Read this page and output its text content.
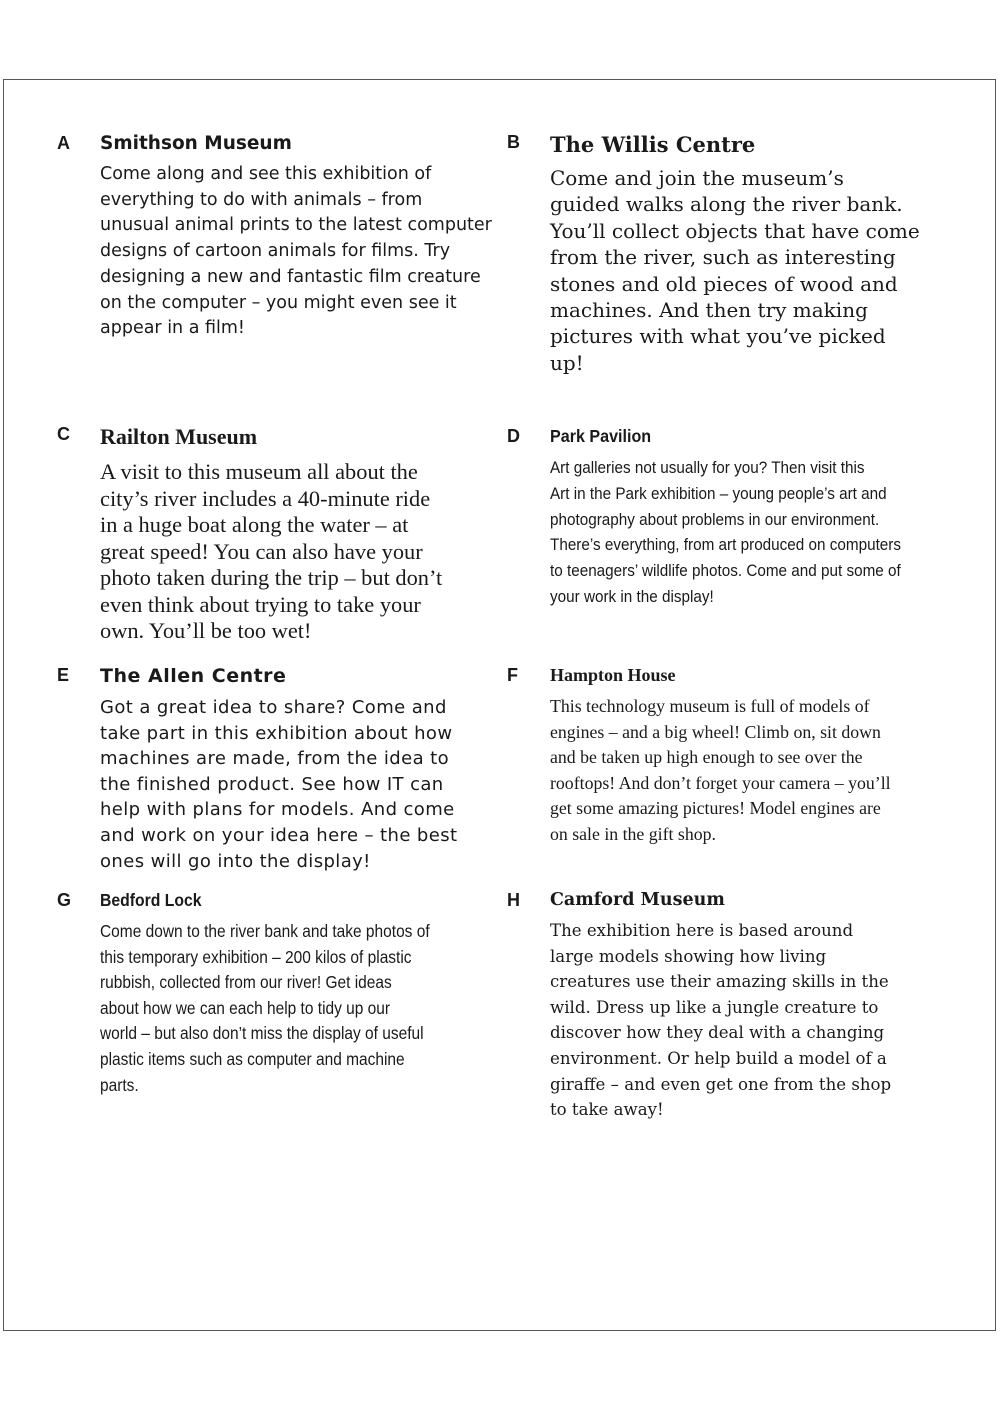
A Smithson Museum
Come along and see this exhibition of
everything to do with animals – from
unusual animal prints to the latest computer
designs of cartoon animals for films. Try
designing a new and fantastic film creature
on the computer – you might even see it
appear in a film!
B The Willis Centre
Come and join the museum’s
guided walks along the river bank.
You’ll collect objects that have come
from the river, such as interesting
stones and old pieces of wood and
machines. And then try making
pictures with what you’ve picked
up!
C Railton Museum
A visit to this museum all about the
city’s river includes a 40-minute ride
in a huge boat along the water – at
great speed! You can also have your
photo taken during the trip – but don’t
even think about trying to take your
own. You’ll be too wet!
D Park Pavilion
Art galleries not usually for you? Then visit this
Art in the Park exhibition – young people’s art and
photography about problems in our environment.
There’s everything, from art produced on computers
to teenagers’ wildlife photos. Come and put some of
your work in the display!
E The Allen Centre
Got a great idea to share? Come and
take part in this exhibition about how
machines are made, from the idea to
the finished product. See how IT can
help with plans for models. And come
and work on your idea here – the best
ones will go into the display!
F Hampton House
This technology museum is full of models of
engines – and a big wheel! Climb on, sit down
and be taken up high enough to see over the
rooftops! And don’t forget your camera – you’ll
get some amazing pictures! Model engines are
on sale in the gift shop.
G Bedford Lock
Come down to the river bank and take photos of
this temporary exhibition – 200 kilos of plastic
rubbish, collected from our river! Get ideas
about how we can each help to tidy up our
world – but also don’t miss the display of useful
plastic items such as computer and machine
parts.
H Camford Museum
The exhibition here is based around
large models showing how living
creatures use their amazing skills in the
wild. Dress up like a jungle creature to
discover how they deal with a changing
environment. Or help build a model of a
giraffe – and even get one from the shop
to take away!
